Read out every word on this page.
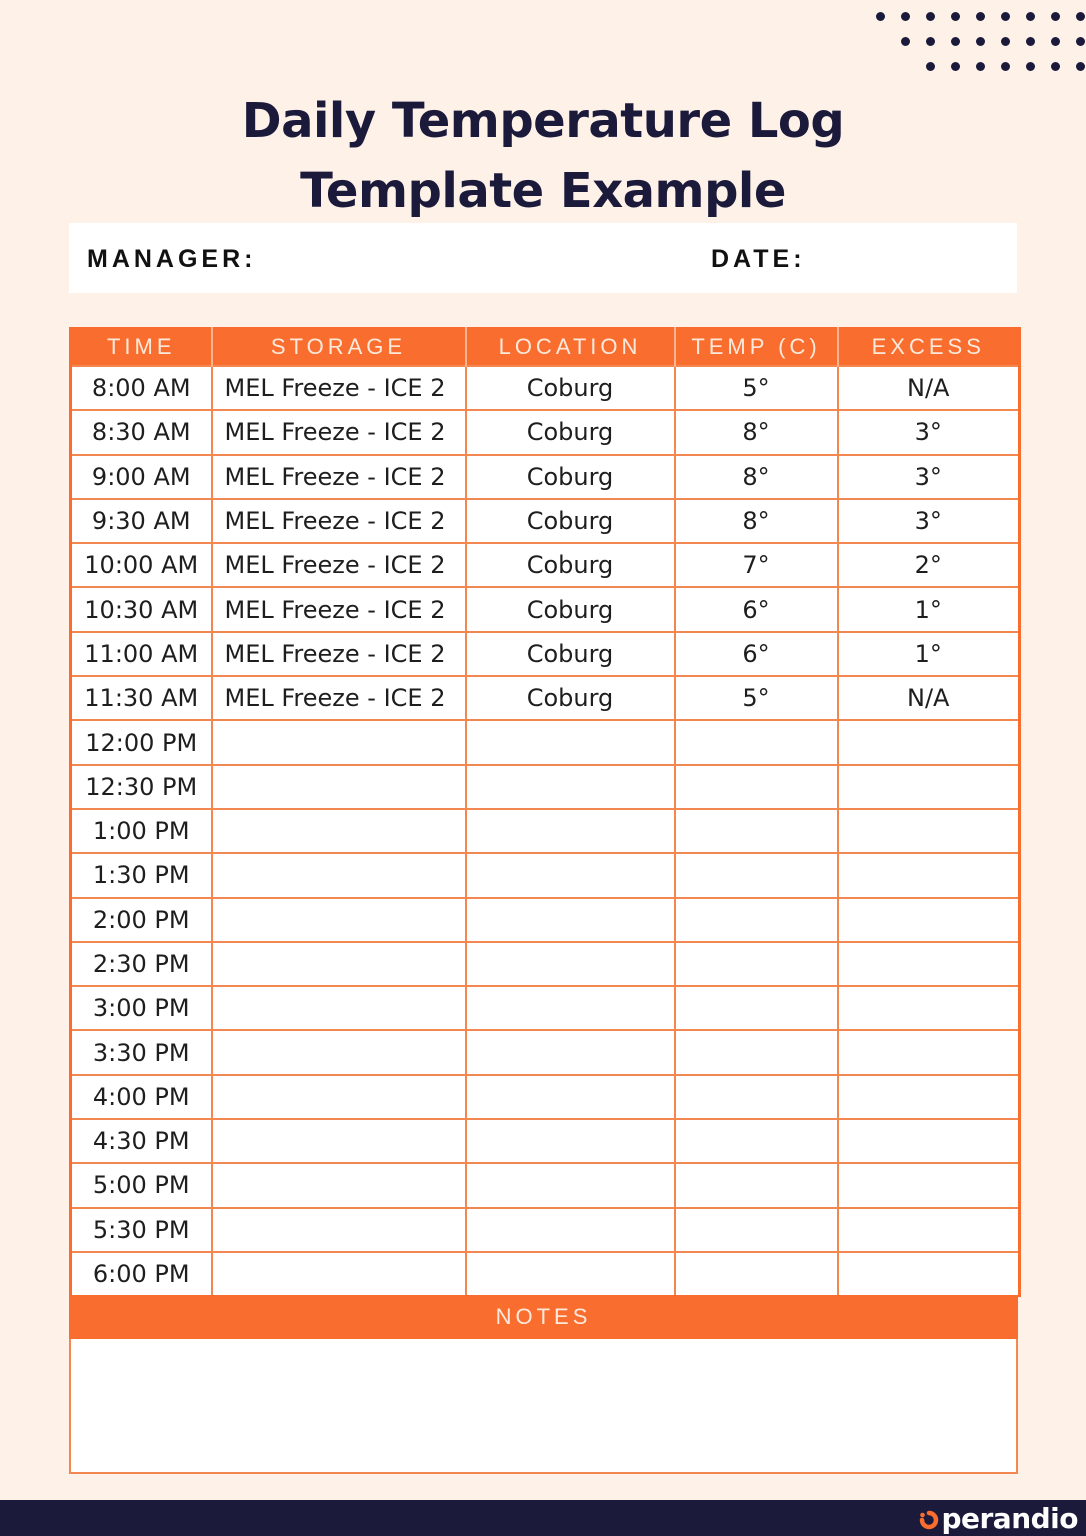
Daily Temperature Log
Template Example
MANAGER:	DATE:
TIME	STORAGE	LOCATION	TEMP (C)	EXCESS
8:00 AM	MEL Freeze - ICE 2	Coburg	5°	N/A
8:30 AM	MEL Freeze - ICE 2	Coburg	8°	3°
9:00 AM	MEL Freeze - ICE 2	Coburg	8°	3°
9:30 AM	MEL Freeze - ICE 2	Coburg	8°	3°
10:00 AM	MEL Freeze - ICE 2	Coburg	7°	2°
10:30 AM	MEL Freeze - ICE 2	Coburg	6°	1°
11:00 AM	MEL Freeze - ICE 2	Coburg	6°	1°
11:30 AM	MEL Freeze - ICE 2	Coburg	5°	N/A
12:00 PM				
12:30 PM				
1:00 PM				
1:30 PM				
2:00 PM				
2:30 PM				
3:00 PM				
3:30 PM				
4:00 PM				
4:30 PM				
5:00 PM				
5:30 PM				
6:00 PM				
NOTES
perandio
